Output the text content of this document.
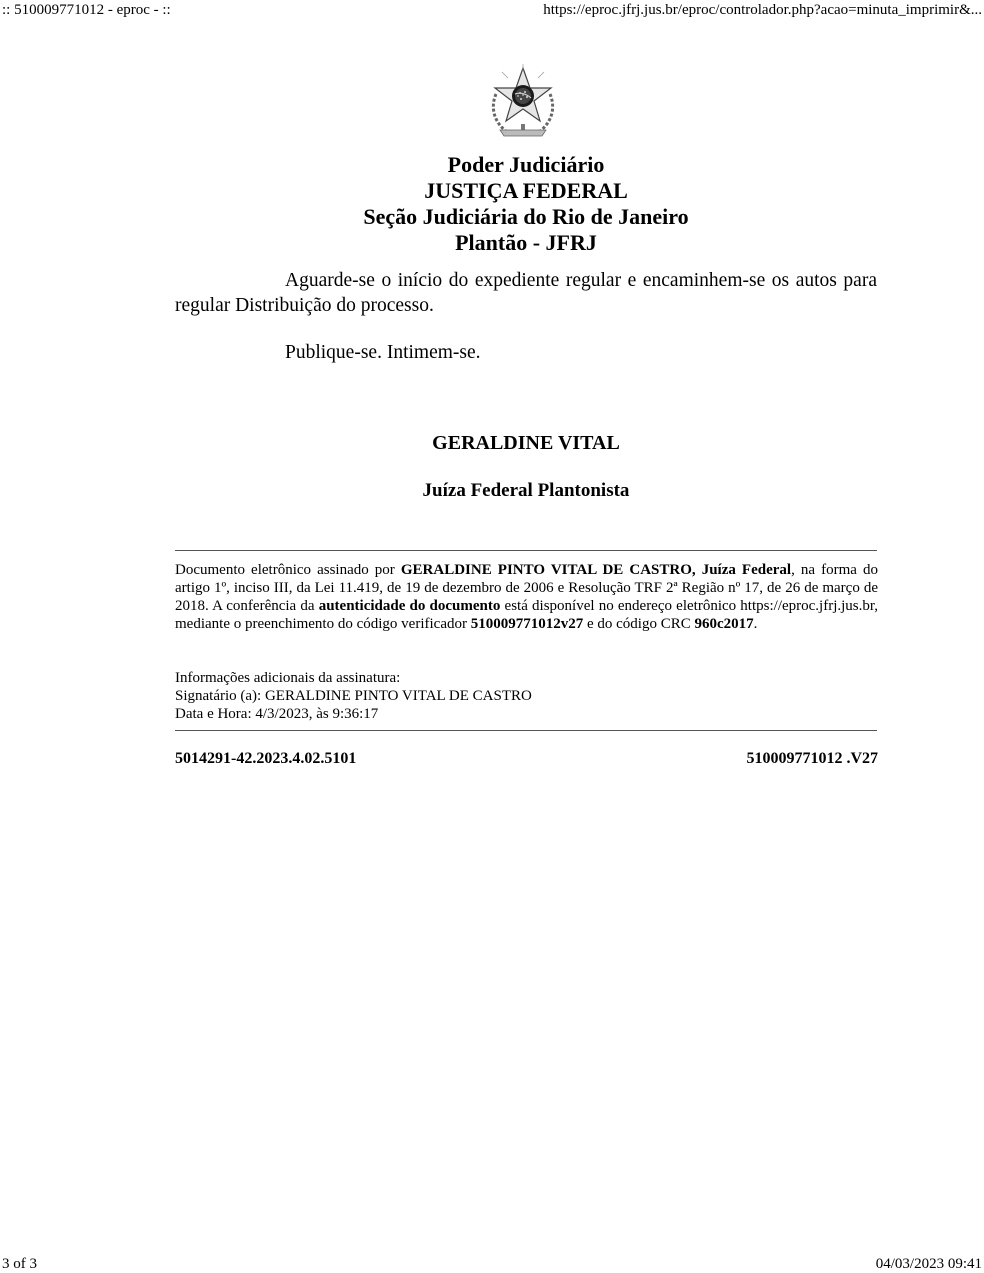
:: 510009771012 - eproc - ::	https://eproc.jfrj.jus.br/eproc/controlador.php?acao=minuta_imprimir&...
Poder Judiciário
JUSTIÇA FEDERAL
Seção Judiciária do Rio de Janeiro
Plantão - JFRJ
Aguarde-se o início do expediente regular e encaminhem-se os autos para regular Distribuição do processo.
Publique-se. Intimem-se.
GERALDINE VITAL
Juíza Federal Plantonista
Documento eletrônico assinado por GERALDINE PINTO VITAL DE CASTRO, Juíza Federal, na forma do artigo 1º, inciso III, da Lei 11.419, de 19 de dezembro de 2006 e Resolução TRF 2ª Região nº 17, de 26 de março de 2018. A conferência da autenticidade do documento está disponível no endereço eletrônico https://eproc.jfrj.jus.br, mediante o preenchimento do código verificador 510009771012v27 e do código CRC 960c2017.
Informações adicionais da assinatura:
Signatário (a): GERALDINE PINTO VITAL DE CASTRO
Data e Hora: 4/3/2023, às 9:36:17
5014291-42.2023.4.02.5101	510009771012 .V27
3 of 3	04/03/2023 09:41
